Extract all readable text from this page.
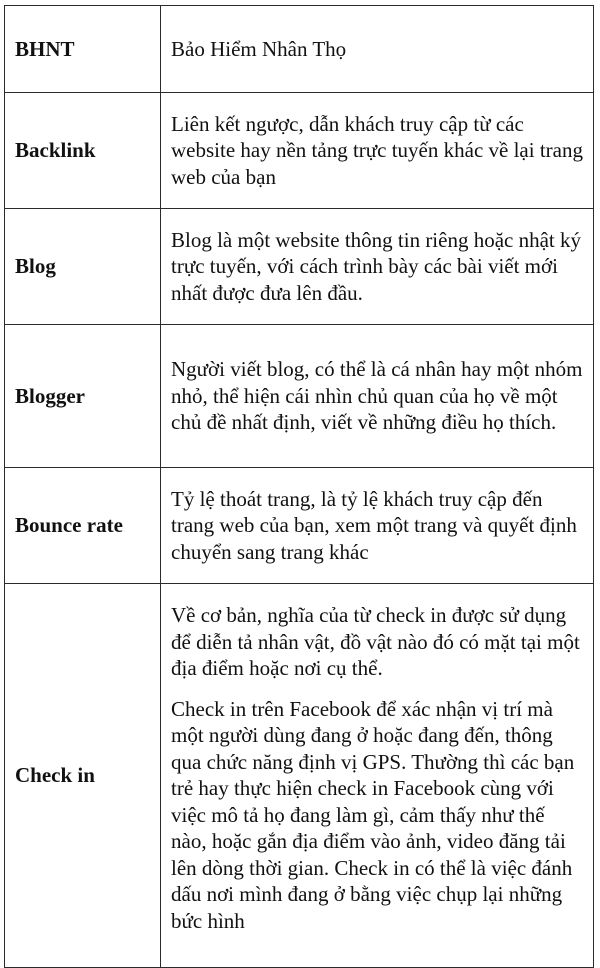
BHNT	Bảo Hiểm Nhân Thọ

Backlink	Liên kết ngược, dẫn khách truy cập từ các website hay nền tảng trực tuyến khác về lại trang web của bạn

Blog	Blog là một website thông tin riêng hoặc nhật ký trực tuyến, với cách trình bày các bài viết mới nhất được đưa lên đầu.

Blogger	Người viết blog, có thể là cá nhân hay một nhóm nhỏ, thể hiện cái nhìn chủ quan của họ về một chủ đề nhất định, viết về những điều họ thích.

Bounce rate	Tỷ lệ thoát trang, là tỷ lệ khách truy cập đến trang web của bạn, xem một trang và quyết định chuyển sang trang khác

Check in	Về cơ bản, nghĩa của từ check in được sử dụng để diễn tả nhân vật, đồ vật nào đó có mặt tại một địa điểm hoặc nơi cụ thể.

Check in trên Facebook để xác nhận vị trí mà một người dùng đang ở hoặc đang đến, thông qua chức năng định vị GPS. Thường thì các bạn trẻ hay thực hiện check in Facebook cùng với việc mô tả họ đang làm gì, cảm thấy như thế nào, hoặc gắn địa điểm vào ảnh, video đăng tải lên dòng thời gian. Check in có thể là việc đánh dấu nơi mình đang ở bằng việc chụp lại những bức hình
